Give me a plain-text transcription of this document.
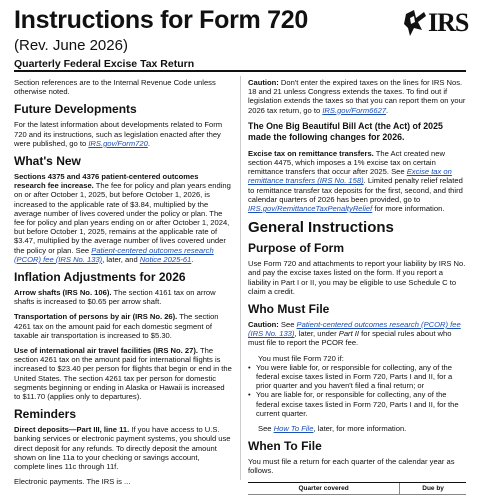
Instructions for Form 720
(Rev. June 2026)
Quarterly Federal Excise Tax Return
IRS

Section references are to the Internal Revenue Code unless otherwise noted.

Future Developments

For the latest information about developments related to Form 720 and its instructions, such as legislation enacted after they were published, go to IRS.gov/Form720.

What's New

Sections 4375 and 4376 patient-centered outcomes research fee increase. The fee for policy and plan years ending on or after October 1, 2025, but before October 1, 2026, is increased to the applicable rate of $3.84, multiplied by the average number of lives covered under the policy or plan. The fee for policy and plan years ending on or after October 1, 2024, but before October 1, 2025, remains at the applicable rate of $3.47, multiplied by the average number of lives covered under the policy or plan. See Patient-centered outcomes research (PCOR) fee (IRS No. 133), later, and Notice 2025-61.

Inflation Adjustments for 2026

Arrow shafts (IRS No. 106). The section 4161 tax on arrow shafts is increased to $0.65 per arrow shaft.

Transportation of persons by air (IRS No. 26). The section 4261 tax on the amount paid for each domestic segment of taxable air transportation is increased to $5.30.

Use of international air travel facilities (IRS No. 27). The section 4261 tax on the amount paid for international flights is increased to $23.40 per person for flights that begin or end in the United States. The section 4261 tax per person for domestic segments beginning or ending in Alaska or Hawaii is increased to $11.70 (applies only to departures).

Reminders

Direct deposits—Part III, line 11. If you have access to U.S. banking services or electronic payment systems, you should use direct deposit for any refunds. To directly deposit the amount shown on line 11a to your checking or savings account, complete lines 11c through 11f.

Electronic payments. The IRS is ...

Caution: Don't enter the expired taxes on the lines for IRS Nos. 18 and 21 unless Congress extends the taxes. To find out if legislation extends the taxes so that you can report them on your 2026 tax return, go to IRS.gov/Form6627.

The One Big Beautiful Bill Act (the Act) of 2025 made the following changes for 2026.

Excise tax on remittance transfers. The Act created new section 4475, which imposes a 1% excise tax on certain remittance transfers that occur after 2025. See Excise tax on remittance transfers (IRS No. 158). Limited penalty relief related to remittance transfer tax deposits for the first, second, and third calendar quarters of 2026 has been provided, go to IRS.gov/RemittanceTaxPenaltyRelief for more information.

General Instructions
Purpose of Form

Use Form 720 and attachments to report your liability by IRS No. and pay the excise taxes listed on the form. If you report a liability in Part I or II, you may be eligible to use Schedule C to claim a credit.

Who Must File

Caution: See Patient-centered outcomes research (PCOR) fee (IRS No. 133), later, under Part II for special rules about who must file to report the PCOR fee.

You must file Form 720 if:

• You were liable for, or responsible for collecting, any of the federal excise taxes listed in Form 720, Parts I and II, for a prior quarter and you haven't filed a final return; or
• You are liable for, or responsible for collecting, any of the federal excise taxes listed in Form 720, Parts I and II, for the current quarter.

See How To File, later, for more information.

When To File

You must file a return for each quarter of the calendar year as follows.

Quarter covered	Due by
